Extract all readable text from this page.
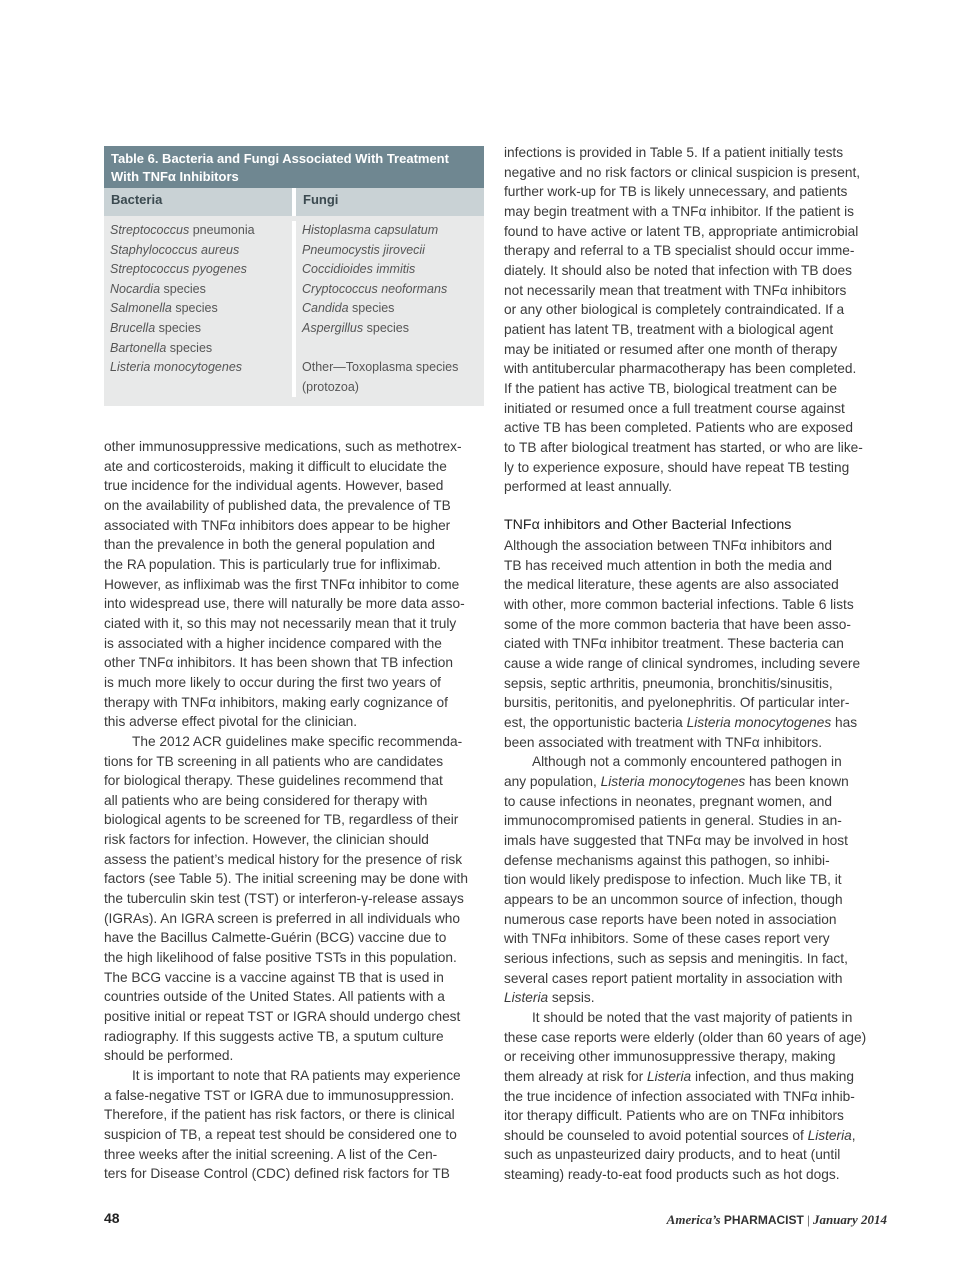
Table 6. Bacteria and Fungi Associated With Treatment
With TNFα Inhibitors
Bacteria	Fungi
Streptococcus pneumonia
Staphylococcus aureus
Streptococcus pyogenes
Nocardia species
Salmonella species
Brucella species
Bartonella species
Listeria monocytogenes
Histoplasma capsulatum
Pneumocystis jirovecii
Coccidioides immitis
Cryptococcus neoformans
Candida species
Aspergillus species
Other—Toxoplasma species
(protozoa)
other immunosuppressive medications, such as methotrex-
ate and corticosteroids, making it difficult to elucidate the
true incidence for the individual agents. However, based
on the availability of published data, the prevalence of TB
associated with TNFα inhibitors does appear to be higher
than the prevalence in both the general population and
the RA population. This is particularly true for infliximab.
However, as infliximab was the first TNFα inhibitor to come
into widespread use, there will naturally be more data asso-
ciated with it, so this may not necessarily mean that it truly
is associated with a higher incidence compared with the
other TNFα inhibitors. It has been shown that TB infection
is much more likely to occur during the first two years of
therapy with TNFα inhibitors, making early cognizance of
this adverse effect pivotal for the clinician.
The 2012 ACR guidelines make specific recommenda-
tions for TB screening in all patients who are candidates
for biological therapy. These guidelines recommend that
all patients who are being considered for therapy with
biological agents to be screened for TB, regardless of their
risk factors for infection. However, the clinician should
assess the patient’s medical history for the presence of risk
factors (see Table 5). The initial screening may be done with
the tuberculin skin test (TST) or interferon-γ-release assays
(IGRAs). An IGRA screen is preferred in all individuals who
have the Bacillus Calmette-Guérin (BCG) vaccine due to
the high likelihood of false positive TSTs in this population.
The BCG vaccine is a vaccine against TB that is used in
countries outside of the United States. All patients with a
positive initial or repeat TST or IGRA should undergo chest
radiography. If this suggests active TB, a sputum culture
should be performed.
It is important to note that RA patients may experience
a false-negative TST or IGRA due to immunosuppression.
Therefore, if the patient has risk factors, or there is clinical
suspicion of TB, a repeat test should be considered one to
three weeks after the initial screening. A list of the Cen-
ters for Disease Control (CDC) defined risk factors for TB
infections is provided in Table 5. If a patient initially tests
negative and no risk factors or clinical suspicion is present,
further work-up for TB is likely unnecessary, and patients
may begin treatment with a TNFα inhibitor. If the patient is
found to have active or latent TB, appropriate antimicrobial
therapy and referral to a TB specialist should occur imme-
diately. It should also be noted that infection with TB does
not necessarily mean that treatment with TNFα inhibitors
or any other biological is completely contraindicated. If a
patient has latent TB, treatment with a biological agent
may be initiated or resumed after one month of therapy
with antitubercular pharmacotherapy has been completed.
If the patient has active TB, biological treatment can be
initiated or resumed once a full treatment course against
active TB has been completed. Patients who are exposed
to TB after biological treatment has started, or who are like-
ly to experience exposure, should have repeat TB testing
performed at least annually.

TNFα inhibitors and Other Bacterial Infections
Although the association between TNFα inhibitors and
TB has received much attention in both the media and
the medical literature, these agents are also associated
with other, more common bacterial infections. Table 6 lists
some of the more common bacteria that have been asso-
ciated with TNFα inhibitor treatment. These bacteria can
cause a wide range of clinical syndromes, including severe
sepsis, septic arthritis, pneumonia, bronchitis/sinusitis,
bursitis, peritonitis, and pyelonephritis. Of particular inter-
est, the opportunistic bacteria Listeria monocytogenes has
been associated with treatment with TNFα inhibitors.
Although not a commonly encountered pathogen in
any population, Listeria monocytogenes has been known
to cause infections in neonates, pregnant women, and
immunocompromised patients in general. Studies in an-
imals have suggested that TNFα may be involved in host
defense mechanisms against this pathogen, so inhibi-
tion would likely predispose to infection. Much like TB, it
appears to be an uncommon source of infection, though
numerous case reports have been noted in association
with TNFα inhibitors. Some of these cases report very
serious infections, such as sepsis and meningitis. In fact,
several cases report patient mortality in association with
Listeria sepsis.
It should be noted that the vast majority of patients in
these case reports were elderly (older than 60 years of age)
or receiving other immunosuppressive therapy, making
them already at risk for Listeria infection, and thus making
the true incidence of infection associated with TNFα inhib-
itor therapy difficult. Patients who are on TNFα inhibitors
should be counseled to avoid potential sources of Listeria,
such as unpasteurized dairy products, and to heat (until
steaming) ready-to-eat food products such as hot dogs.
48	America’s PHARMACIST | January 2014
